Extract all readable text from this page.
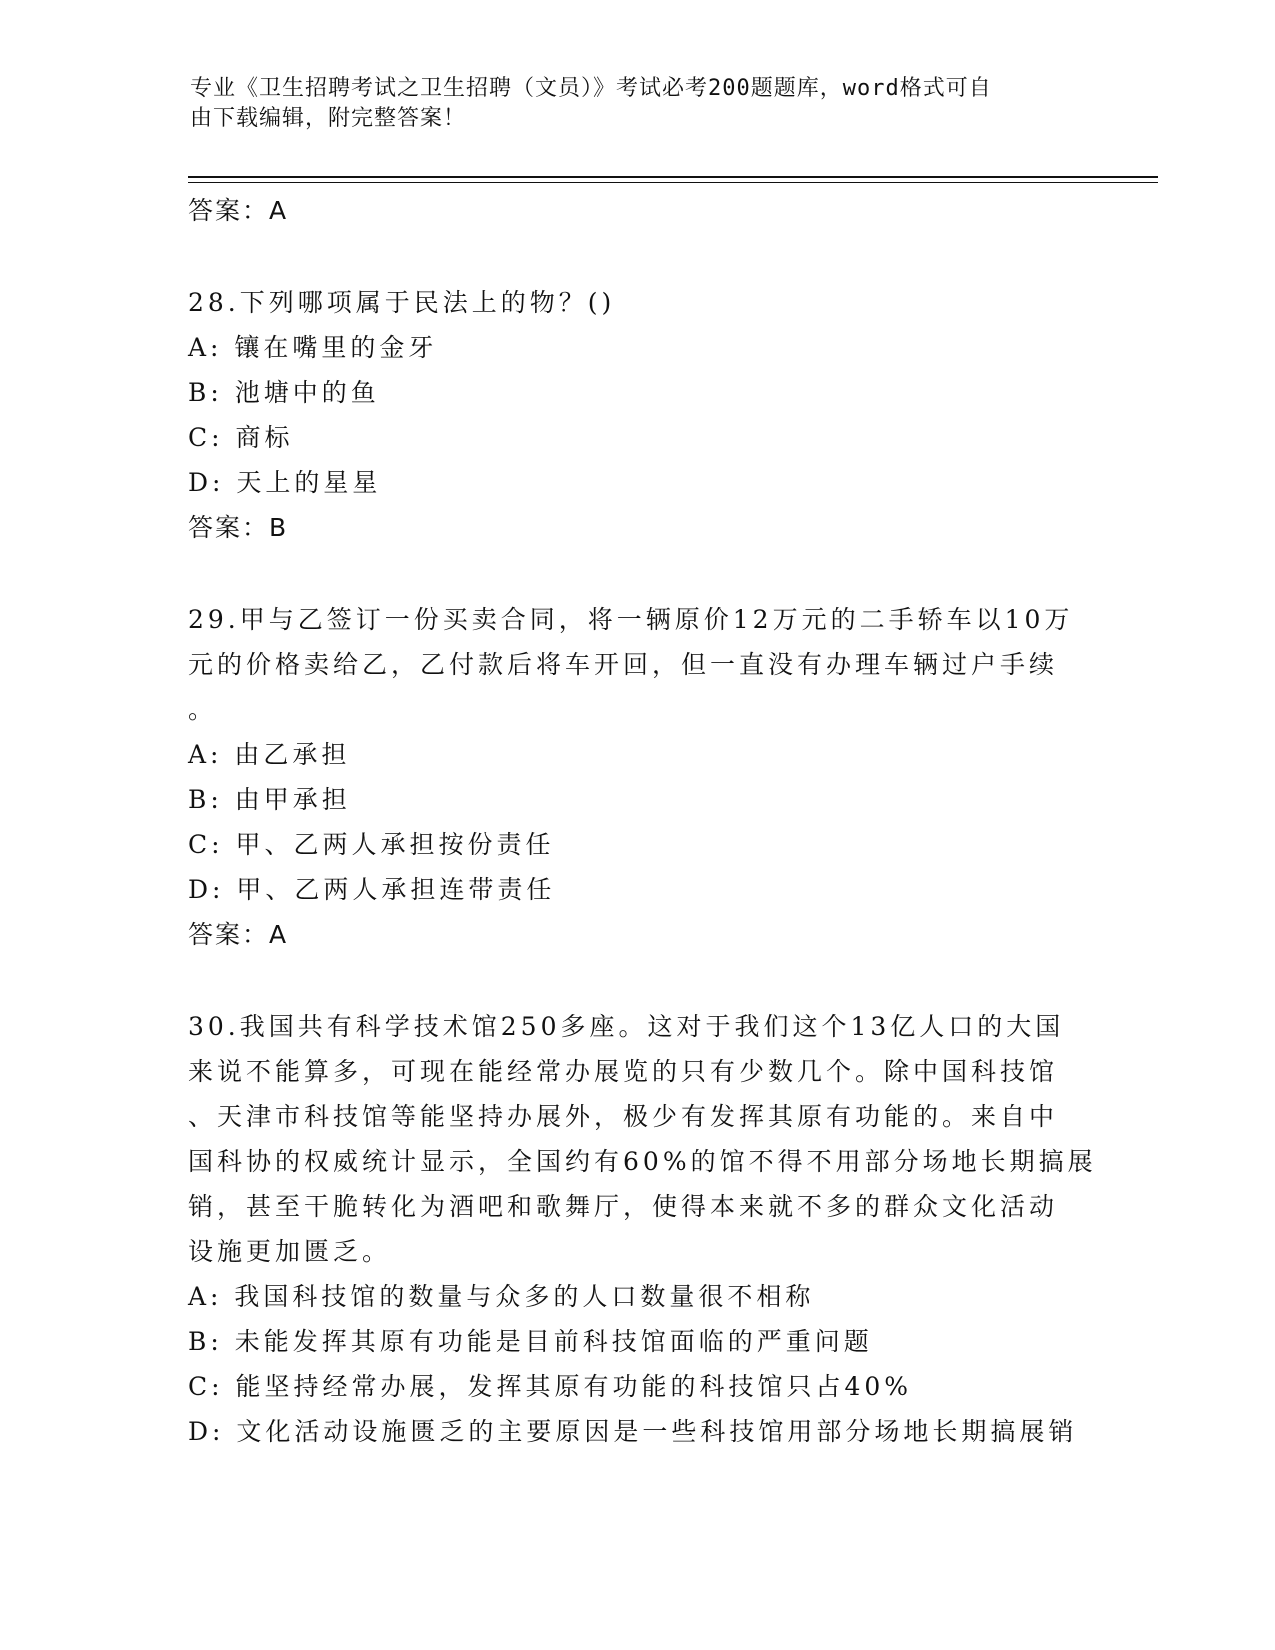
专业《卫生招聘考试之卫生招聘（文员）》考试必考200题题库，word格式可自
由下载编辑，附完整答案！
答案：A
28.下列哪项属于民法上的物？()
A: 镶在嘴里的金牙
B: 池塘中的鱼
C: 商标
D: 天上的星星
答案：B
29.甲与乙签订一份买卖合同，将一辆原价12万元的二手轿车以10万
元的价格卖给乙，乙付款后将车开回，但一直没有办理车辆过户手续
。
A: 由乙承担
B: 由甲承担
C: 甲、乙两人承担按份责任
D: 甲、乙两人承担连带责任
答案：A
30.我国共有科学技术馆250多座。这对于我们这个13亿人口的大国
来说不能算多，可现在能经常办展览的只有少数几个。除中国科技馆
、天津市科技馆等能坚持办展外，极少有发挥其原有功能的。来自中
国科协的权威统计显示，全国约有60%的馆不得不用部分场地长期搞展
销，甚至干脆转化为酒吧和歌舞厅，使得本来就不多的群众文化活动
设施更加匮乏。
A: 我国科技馆的数量与众多的人口数量很不相称
B: 未能发挥其原有功能是目前科技馆面临的严重问题
C: 能坚持经常办展，发挥其原有功能的科技馆只占40%
D: 文化活动设施匮乏的主要原因是一些科技馆用部分场地长期搞展销
